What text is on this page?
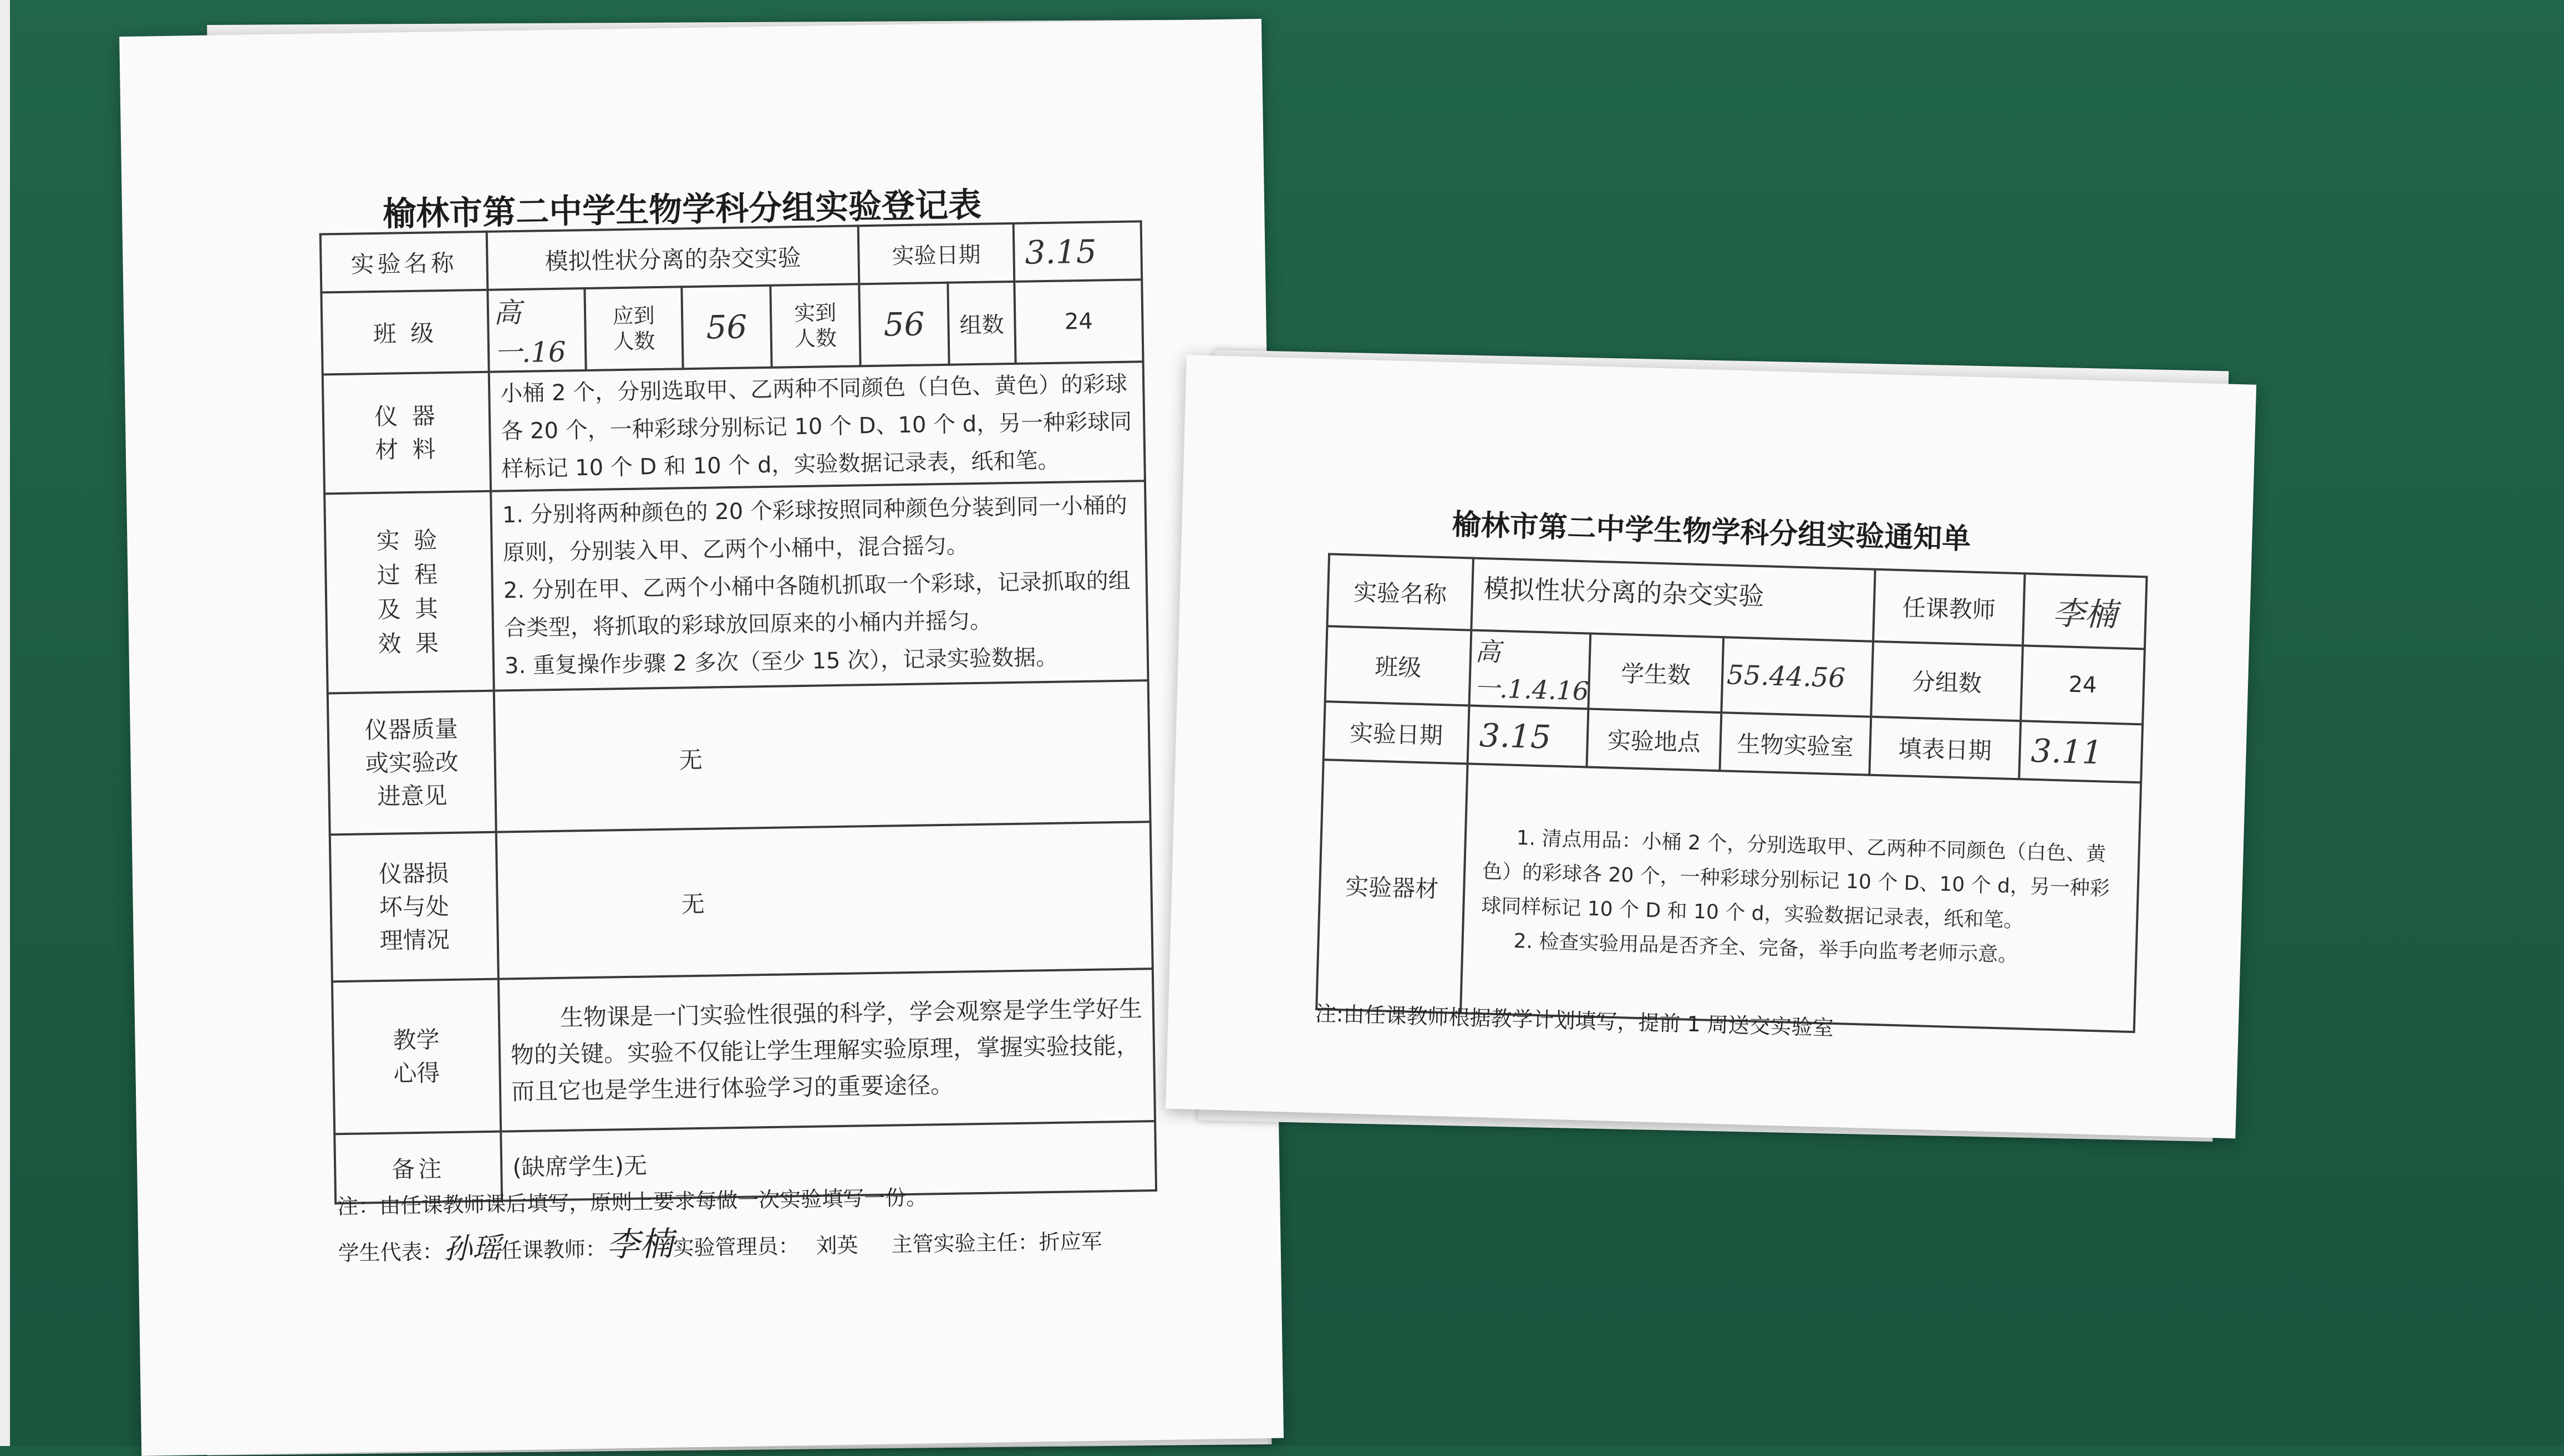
榆林市第二中学生物学科分组实验登记表
实验名称	模拟性状分离的杂交实验				实验日期		3.15
班 级	高一.16	应到人数	56	实到人数	56	组数	24
仪 器 材 料	小桶 2 个，分别选取甲、乙两种不同颜色（白色、黄色）的彩球各 20 个，一种彩球分别标记 10 个 D、10 个 d，另一种彩球同样标记 10 个 D 和 10 个 d，实验数据记录表，纸和笔。						
实 验 过 程 及 其 效 果	1. 分别将两种颜色的 20 个彩球按照同种颜色分装到同一小桶的原则，分别装入甲、乙两个小桶中，混合摇匀。
2. 分别在甲、乙两个小桶中各随机抓取一个彩球，记录抓取的组合类型，将抓取的彩球放回原来的小桶内并摇匀。
3. 重复操作步骤 2 多次（至少 15 次），记录实验数据。						

仪器质量或实验改进意见	无						
仪器损坏与处理情况	无						
教学心得	生物课是一门实验性很强的科学，学会观察是学生学好生物的关键。实验不仅能让学生理解实验原理，掌握实验技能，而且它也是学生进行体验学习的重要途径。						
备注	(缺席学生)无						
注：由任课教师课后填写，原则上要求每做一次实验填写一份。
学生代表：孙瑶任课教师：李楠实验管理员： 刘英 主管实验主任：折应军
榆林市第二中学生物学科分组实验通知单
实验名称	模拟性状分离的杂交实验			任课教师	李楠
班级	高一.1.4.16	学生数	55.44.56	分组数	24
实验日期	3.15	实验地点	生物实验室	填表日期	3.11
实验器材	1. 清点用品：小桶 2 个，分别选取甲、乙两种不同颜色（白色、黄色）的彩球各 20 个，一种彩球分别标记 10 个 D、10 个 d，另一种彩球同样标记 10 个 D 和 10 个 d，实验数据记录表，纸和笔。
2. 检查实验用品是否齐全、完备，举手向监考老师示意。				
注:由任课教师根据教学计划填写，提前 1 周送交实验室
